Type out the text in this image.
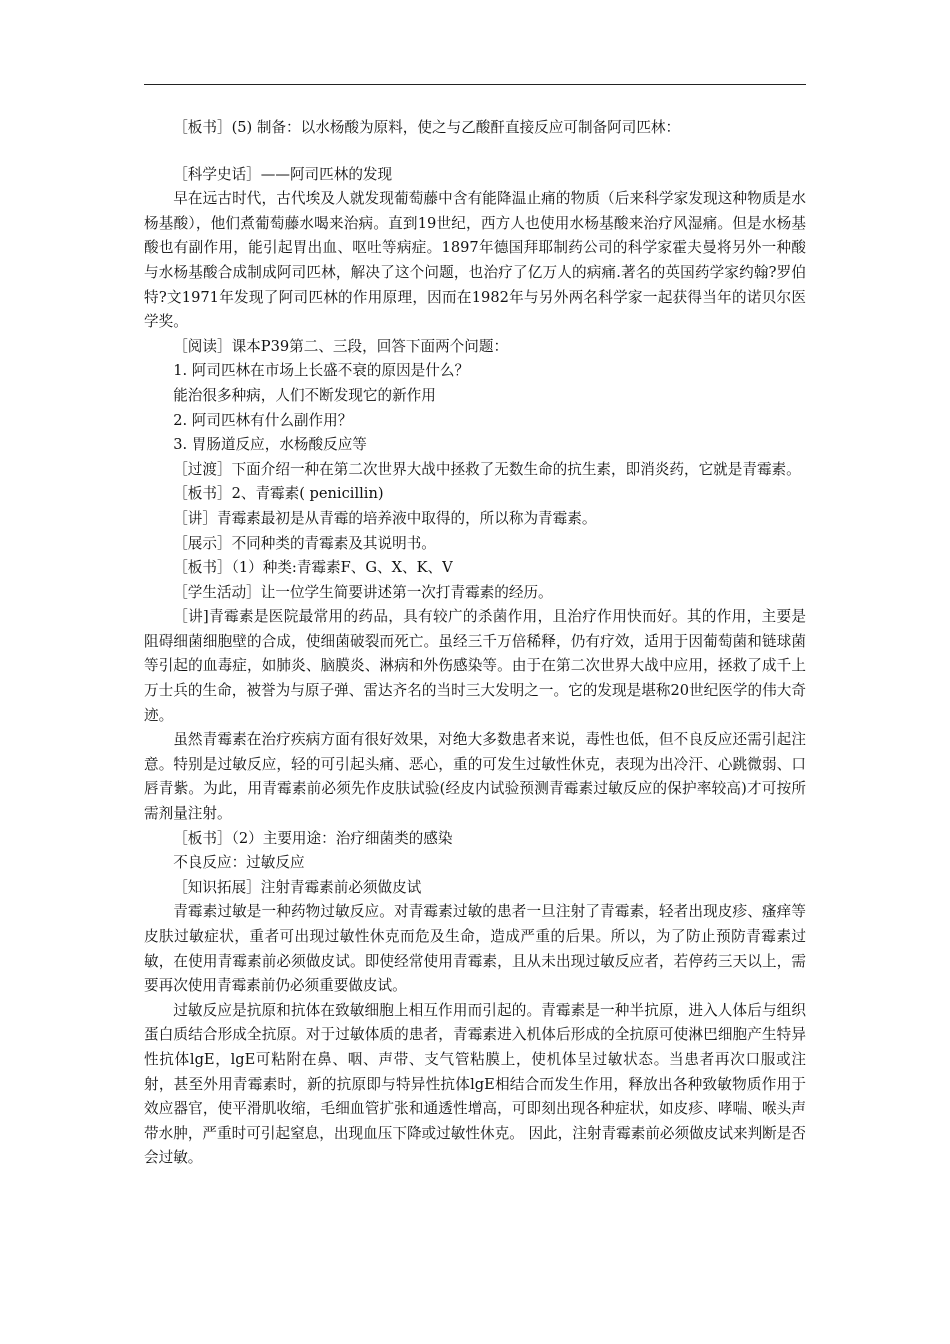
［板书］(5) 制备：以水杨酸为原料，使之与乙酸酐直接反应可制备阿司匹林：

［科学史话］——阿司匹林的发现

早在远古时代，古代埃及人就发现葡萄藤中含有能降温止痛的物质（后来科学家发现这种物质是水杨基酸），他们煮葡萄藤水喝来治病。直到19世纪，西方人也使用水杨基酸来治疗风湿痛。但是水杨基酸也有副作用，能引起胃出血、呕吐等病症。1897年德国拜耶制药公司的科学家霍夫曼将另外一种酸与水杨基酸合成制成阿司匹林，解决了这个问题，也治疗了亿万人的病痛.著名的英国药学家约翰?罗伯特?文1971年发现了阿司匹林的作用原理，因而在1982年与另外两名科学家一起获得当年的诺贝尔医学奖。

［阅读］课本P39第二、三段，回答下面两个问题：

1. 阿司匹林在市场上长盛不衰的原因是什么？

能治很多种病，人们不断发现它的新作用

2. 阿司匹林有什么副作用？

3. 胃肠道反应，水杨酸反应等

［过渡］下面介绍一种在第二次世界大战中拯救了无数生命的抗生素，即消炎药，它就是青霉素。

［板书］2、青霉素( penicillin)

［讲］青霉素最初是从青霉的培养液中取得的，所以称为青霉素。

［展示］不同种类的青霉素及其说明书。

［板书］（1）种类:青霉素F、G、X、K、V

［学生活动］让一位学生简要讲述第一次打青霉素的经历。

［讲]青霉素是医院最常用的药品，具有较广的杀菌作用，且治疗作用快而好。其的作用，主要是阻碍细菌细胞壁的合成，使细菌破裂而死亡。虽经三千万倍稀释，仍有疗效，适用于因葡萄菌和链球菌等引起的血毒症，如肺炎、脑膜炎、淋病和外伤感染等。由于在第二次世界大战中应用，拯救了成千上万士兵的生命，被誉为与原子弹、雷达齐名的当时三大发明之一。它的发现是堪称20世纪医学的伟大奇迹。

虽然青霉素在治疗疾病方面有很好效果，对绝大多数患者来说，毒性也低，但不良反应还需引起注意。特别是过敏反应，轻的可引起头痛、恶心，重的可发生过敏性休克，表现为出冷汗、心跳微弱、口唇青紫。为此，用青霉素前必须先作皮肤试验(经皮内试验预测青霉素过敏反应的保护率较高)才可按所需剂量注射。

［板书］（2）主要用途：治疗细菌类的感染

不良反应：过敏反应

［知识拓展］注射青霉素前必须做皮试

青霉素过敏是一种药物过敏反应。对青霉素过敏的患者一旦注射了青霉素，轻者出现皮疹、瘙痒等皮肤过敏症状，重者可出现过敏性休克而危及生命，造成严重的后果。所以，为了防止预防青霉素过敏，在使用青霉素前必须做皮试。即使经常使用青霉素，且从未出现过敏反应者，若停药三天以上，需要再次使用青霉素前仍必须重要做皮试。

过敏反应是抗原和抗体在致敏细胞上相互作用而引起的。青霉素是一种半抗原，进入人体后与组织蛋白质结合形成全抗原。对于过敏体质的患者，青霉素进入机体后形成的全抗原可使淋巴细胞产生特异性抗体lgE，lgE可粘附在鼻、咽、声带、支气管粘膜上，使机体呈过敏状态。当患者再次口服或注射，甚至外用青霉素时，新的抗原即与特异性抗体lgE相结合而发生作用，释放出各种致敏物质作用于效应器官，使平滑肌收缩，毛细血管扩张和通透性增高，可即刻出现各种症状，如皮疹、哮喘、喉头声带水肿，严重时可引起窒息，出现血压下降或过敏性休克。 因此，注射青霉素前必须做皮试来判断是否会过敏。
